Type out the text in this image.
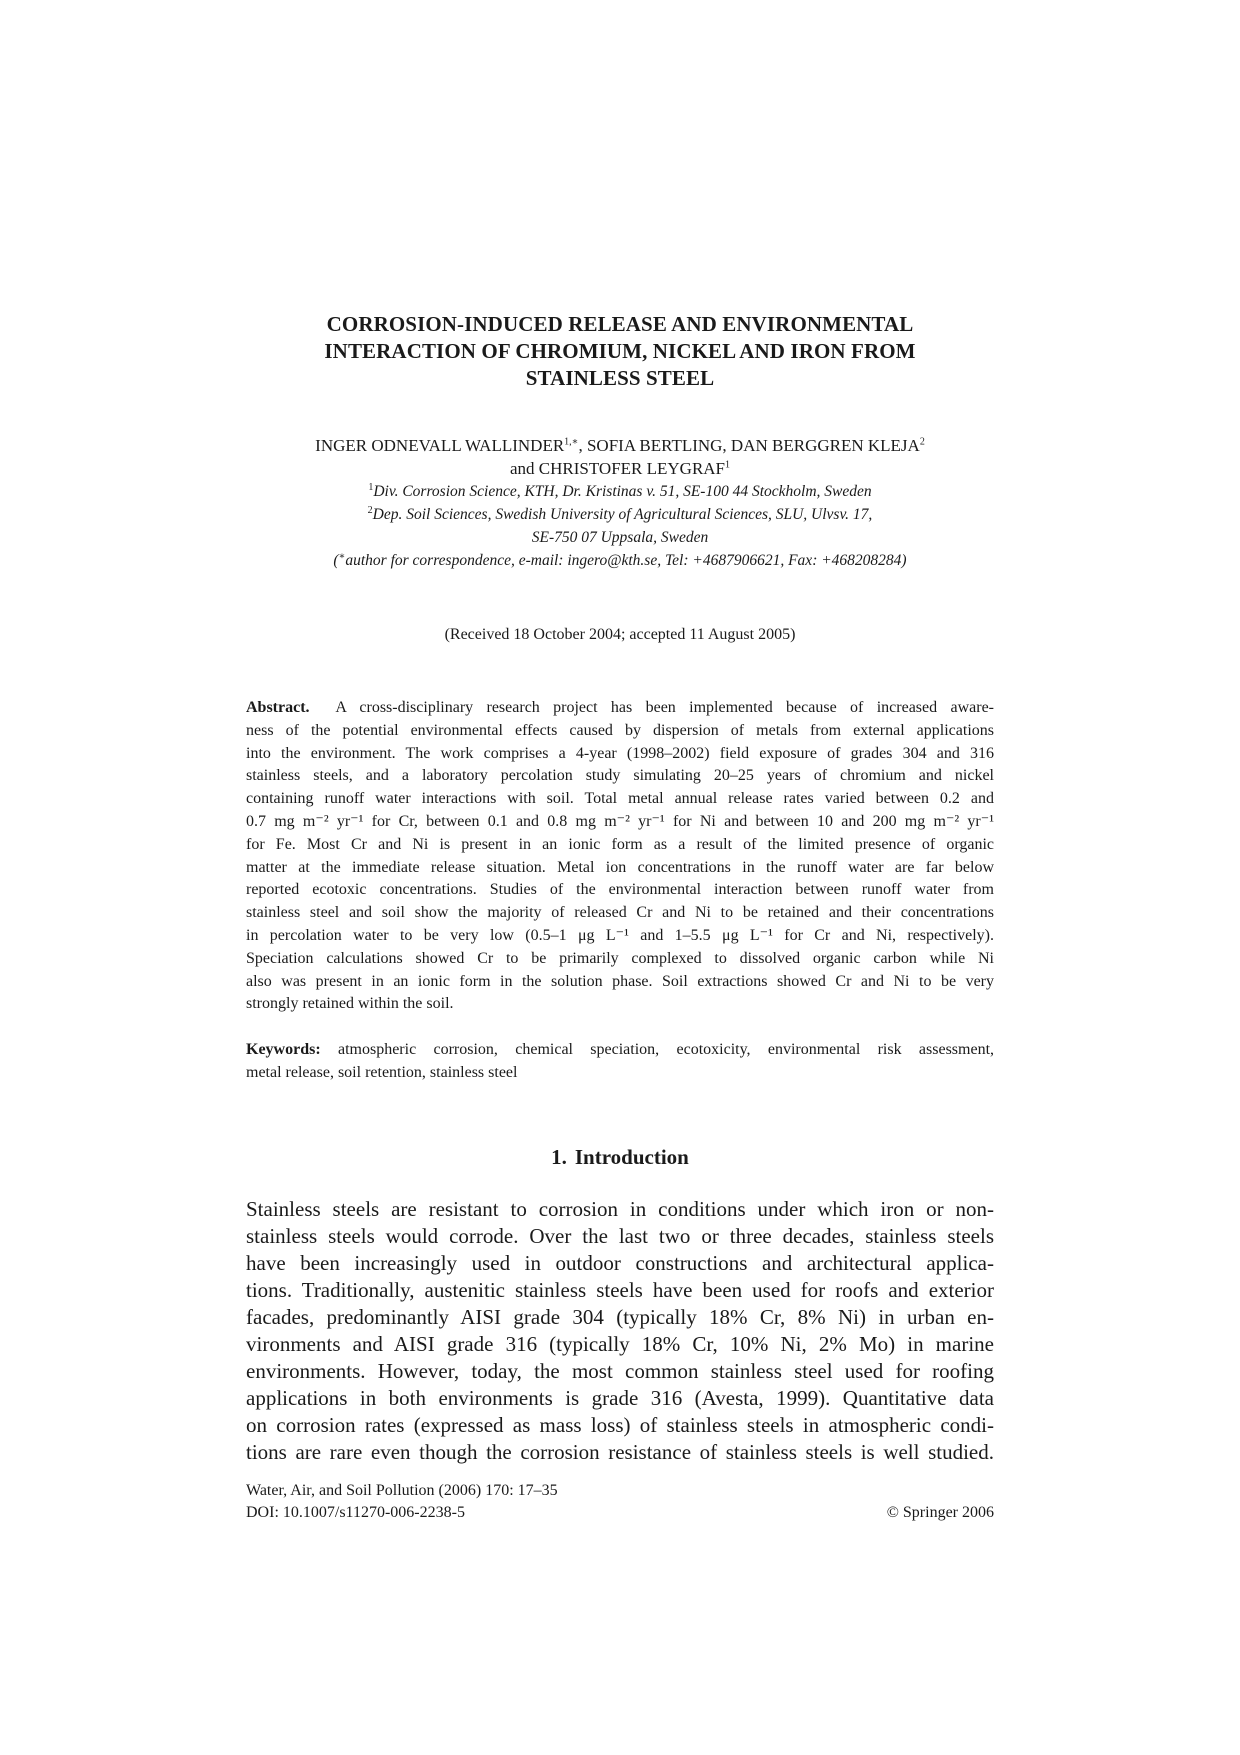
CORROSION-INDUCED RELEASE AND ENVIRONMENTAL
INTERACTION OF CHROMIUM, NICKEL AND IRON FROM
STAINLESS STEEL
INGER ODNEVALL $WALLINDER^{1,∗}$, SOFIA BERTLING, DAN BERGGREN KLEJA$^2$
and CHRISTOFER LEYGRAF$^1$
$^1$Div. Corrosion Science, KTH, Dr. Kristinas v. 51, SE-100 44 Stockholm, Sweden
$^2$Dep. Soil Sciences, Swedish University of Agricultural Sciences, SLU, Ulvsv. 17,
SE-750 07 Uppsala, Sweden
(∗author for correspondence, e-mail: ingero@kth.se, Tel: +4687906621, Fax: +468208284)
(Received 18 October 2004; accepted 11 August 2005)
Abstract. A cross-disciplinary research project has been implemented because of increased aware-
ness of the potential environmental effects caused by dispersion of metals from external applications
into the environment. The work comprises a 4-year (1998–2002) field exposure of grades 304 and 316
stainless steels, and a laboratory percolation study simulating 20–25 years of chromium and nickel
containing runoff water interactions with soil. Total metal annual release rates varied between 0.2 and
0.7 mg m⁻² yr⁻¹ for Cr, between 0.1 and 0.8 mg m⁻² yr⁻¹ for Ni and between 10 and 200 mg m⁻² yr⁻¹
for Fe. Most Cr and Ni is present in an ionic form as a result of the limited presence of organic
matter at the immediate release situation. Metal ion concentrations in the runoff water are far below
reported ecotoxic concentrations. Studies of the environmental interaction between runoff water from
stainless steel and soil show the majority of released Cr and Ni to be retained and their concentrations
in percolation water to be very low (0.5–1 μg L⁻¹ and 1–5.5 μg L⁻¹ for Cr and Ni, respectively).
Speciation calculations showed Cr to be primarily complexed to dissolved organic carbon while Ni
also was present in an ionic form in the solution phase. Soil extractions showed Cr and Ni to be very
strongly retained within the soil.
Keywords: atmospheric corrosion, chemical speciation, ecotoxicity, environmental risk assessment,
metal release, soil retention, stainless steel
1. Introduction
Stainless steels are resistant to corrosion in conditions under which iron or non-
stainless steels would corrode. Over the last two or three decades, stainless steels
have been increasingly used in outdoor constructions and architectural applica-
tions. Traditionally, austenitic stainless steels have been used for roofs and exterior
facades, predominantly AISI grade 304 (typically 18% Cr, 8% Ni) in urban en-
vironments and AISI grade 316 (typically 18% Cr, 10% Ni, 2% Mo) in marine
environments. However, today, the most common stainless steel used for roofing
applications in both environments is grade 316 (Avesta, 1999). Quantitative data
on corrosion rates (expressed as mass loss) of stainless steels in atmospheric condi-
tions are rare even though the corrosion resistance of stainless steels is well studied.
Water, Air, and Soil Pollution (2006) 170: 17–35
DOI: 10.1007/s11270-006-2238-5	© Springer 2006
